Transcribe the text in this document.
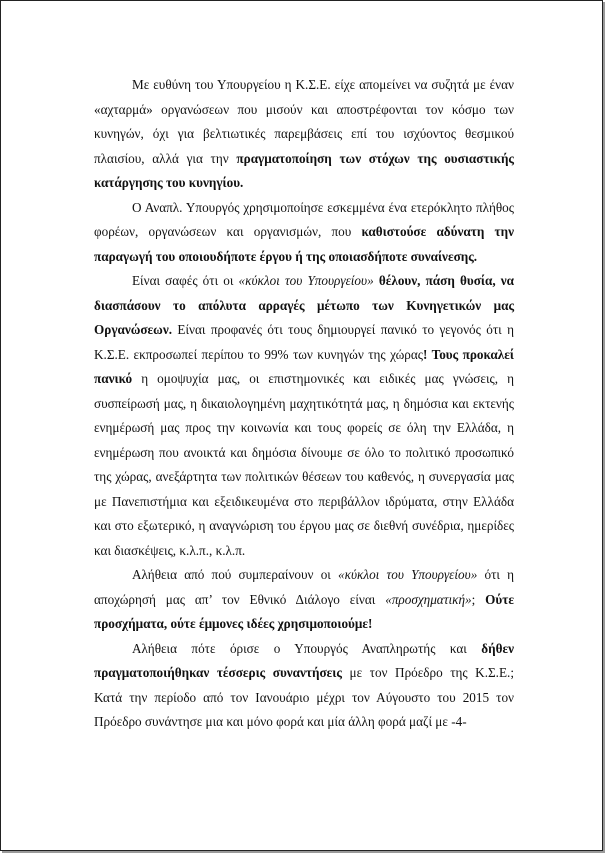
Με ευθύνη του Υπουργείου η Κ.Σ.Ε. είχε απομείνει να συζητά με έναν «αχταρμά» οργανώσεων που μισούν και αποστρέφονται τον κόσμο των κυνηγών, όχι για βελτιωτικές παρεμβάσεις επί του ισχύοντος θεσμικού πλαισίου, αλλά για την πραγματοποίηση των στόχων της ουσιαστικής κατάργησης του κυνηγίου.

Ο Αναπλ. Υπουργός χρησιμοποίησε εσκεμμένα ένα ετερόκλητο πλήθος φορέων, οργανώσεων και οργανισμών, που καθιστούσε αδύνατη την παραγωγή του οποιουδήποτε έργου ή της οποιασδήποτε συναίνεσης.

Είναι σαφές ότι οι «κύκλοι του Υπουργείου» θέλουν, πάση θυσία, να διασπάσουν το απόλυτα αρραγές μέτωπο των Κυνηγετικών μας Οργανώσεων. Είναι προφανές ότι τους δημιουργεί πανικό το γεγονός ότι η Κ.Σ.Ε. εκπροσωπεί περίπου το 99% των κυνηγών της χώρας! Τους προκαλεί πανικό η ομοψυχία μας, οι επιστημονικές και ειδικές μας γνώσεις, η συσπείρωσή μας, η δικαιολογημένη μαχητικότητά μας, η δημόσια και εκτενής ενημέρωσή μας προς την κοινωνία και τους φορείς σε όλη την Ελλάδα, η ενημέρωση που ανοικτά και δημόσια δίνουμε σε όλο το πολιτικό προσωπικό της χώρας, ανεξάρτητα των πολιτικών θέσεων του καθενός, η συνεργασία μας με Πανεπιστήμια και εξειδικευμένα στο περιβάλλον ιδρύματα, στην Ελλάδα και στο εξωτερικό, η αναγνώριση του έργου μας σε διεθνή συνέδρια, ημερίδες και διασκέψεις, κ.λ.π., κ.λ.π.

Αλήθεια από πού συμπεραίνουν οι «κύκλοι του Υπουργείου» ότι η αποχώρησή μας απ’ τον Εθνικό Διάλογο είναι «προσχηματική»; Ούτε προσχήματα, ούτε έμμονες ιδέες χρησιμοποιούμε!

Αλήθεια πότε όρισε ο Υπουργός Αναπληρωτής και δήθεν πραγματοποιήθηκαν τέσσερις συναντήσεις με τον Πρόεδρο της Κ.Σ.Ε.; Κατά την περίοδο από τον Ιανουάριο μέχρι τον Αύγουστο του 2015 τον Πρόεδρο συνάντησε μια και μόνο φορά και μία άλλη φορά μαζί με -4-
